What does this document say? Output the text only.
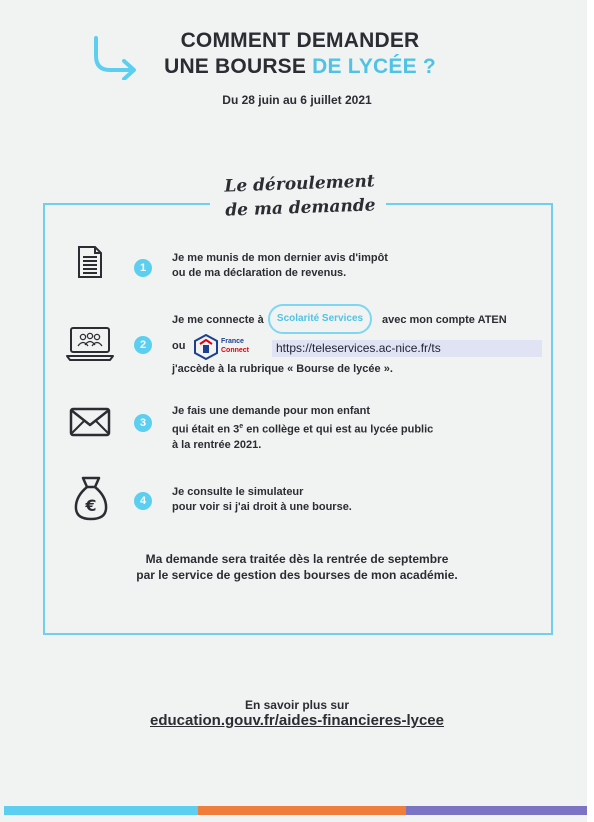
COMMENT DEMANDER
UNE BOURSE DE LYCÉE ?
Du 28 juin au 6 juillet 2021
Le déroulement
de ma demande
1
Je me munis de mon dernier avis d'impôt
ou de ma déclaration de revenus.
2
Je me connecte à	Scolarité Services	avec mon compte ATEN
ou	France
Connect	https://teleservices.ac-nice.fr/ts
j'accède à la rubrique « Bourse de lycée ».
3
Je fais une demande pour mon enfant
qui était en 3e en collège et qui est au lycée public
à la rentrée 2021.
€	4
Je consulte le simulateur
pour voir si j'ai droit à une bourse.
Ma demande sera traitée dès la rentrée de septembre
par le service de gestion des bourses de mon académie.
En savoir plus sur
education.gouv.fr/aides-financieres-lycee
